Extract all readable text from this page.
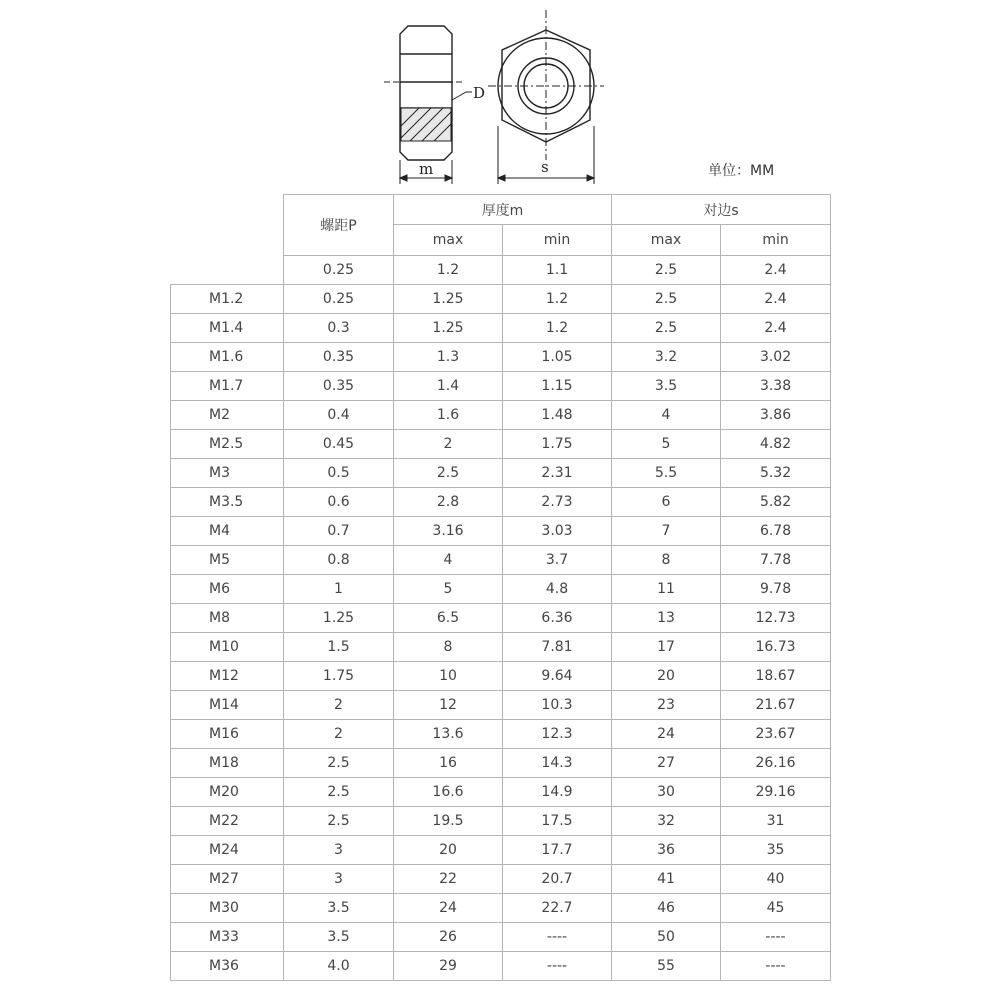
m	s
D
单位：MM
	螺距P	厚度m		对边s	
		max	min	max	min
	0.25	1.2	1.1	2.5	2.4
M1.2	0.25	1.25	1.2	2.5	2.4
M1.4	0.3	1.25	1.2	2.5	2.4
M1.6	0.35	1.3	1.05	3.2	3.02
M1.7	0.35	1.4	1.15	3.5	3.38
M2	0.4	1.6	1.48	4	3.86
M2.5	0.45	2	1.75	5	4.82
M3	0.5	2.5	2.31	5.5	5.32
M3.5	0.6	2.8	2.73	6	5.82
M4	0.7	3.16	3.03	7	6.78
M5	0.8	4	3.7	8	7.78
M6	1	5	4.8	11	9.78
M8	1.25	6.5	6.36	13	12.73
M10	1.5	8	7.81	17	16.73
M12	1.75	10	9.64	20	18.67
M14	2	12	10.3	23	21.67
M16	2	13.6	12.3	24	23.67
M18	2.5	16	14.3	27	26.16
M20	2.5	16.6	14.9	30	29.16
M22	2.5	19.5	17.5	32	31
M24	3	20	17.7	36	35
M27	3	22	20.7	41	40
M30	3.5	24	22.7	46	45
M33	3.5	26	----	50	----
M36	4.0	29	----	55	----
